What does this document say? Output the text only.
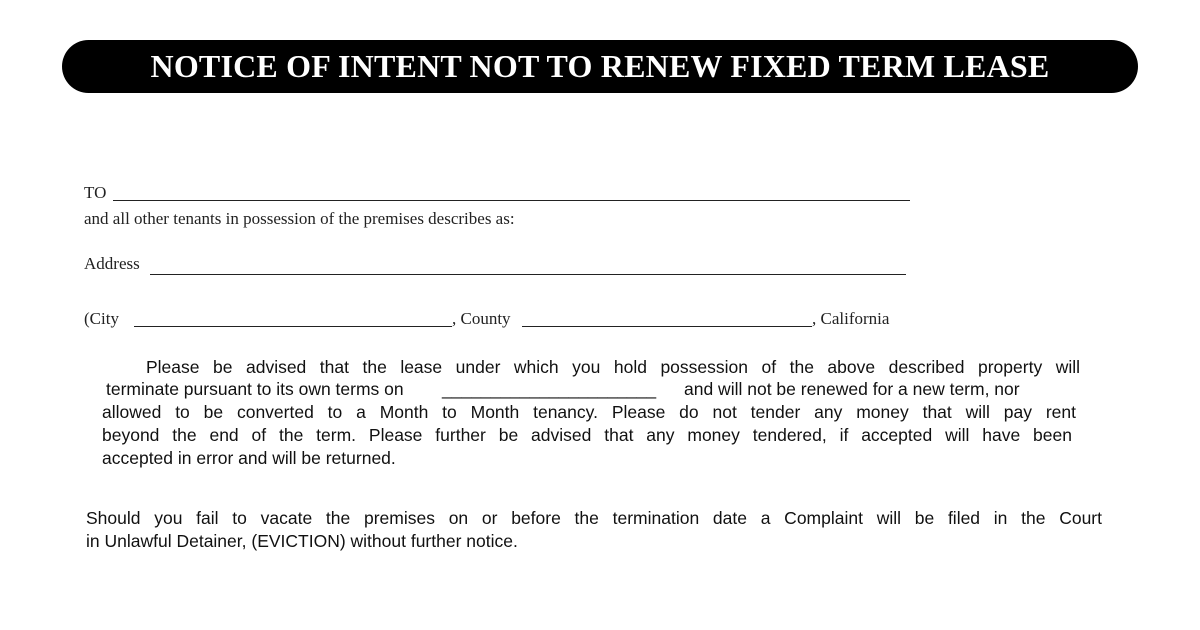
NOTICE OF INTENT NOT TO RENEW FIXED TERM LEASE
TO
and all other tenants in possession of the premises describes as:
Address
(City	, County	, California
Please be advised that the lease under which you hold possession of the above described property will
terminate pursuant to its own terms on ______________________ and will not be renewed for a new term, nor
allowed to be converted to a Month to Month tenancy. Please do not tender any money that will pay rent
beyond the end of the term. Please further be advised that any money tendered, if accepted will have been
accepted in error and will be returned.
Should you fail to vacate the premises on or before the termination date a Complaint will be filed in the Court
in Unlawful Detainer, (EVICTION) without further notice.
